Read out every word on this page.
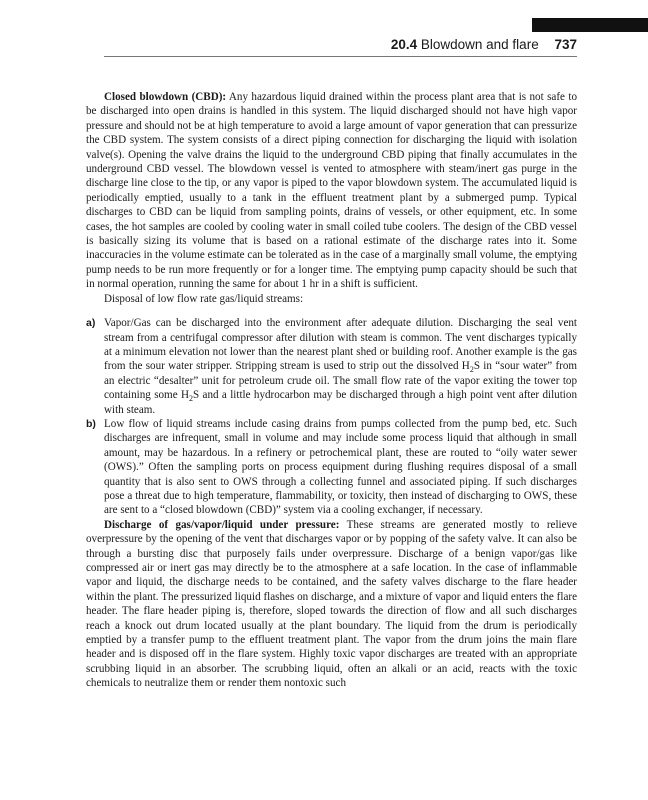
20.4 Blowdown and flare 737

Closed blowdown (CBD): Any hazardous liquid drained within the process plant area that is not safe to be discharged into open drains is handled in this system. The liquid discharged should not have high vapor pressure and should not be at high temperature to avoid a large amount of vapor generation that can pressurize the CBD system. The system consists of a direct piping connection for discharging the liquid with isolation valve(s). Opening the valve drains the liquid to the underground CBD piping that finally accumulates in the underground CBD vessel. The blowdown vessel is vented to atmosphere with steam/inert gas purge in the discharge line close to the tip, or any vapor is piped to the vapor blowdown system. The accumulated liquid is periodically emptied, usually to a tank in the effluent treatment plant by a submerged pump. Typical discharges to CBD can be liquid from sampling points, drains of vessels, or other equipment, etc. In some cases, the hot samples are cooled by cooling water in small coiled tube coolers. The design of the CBD vessel is basically sizing its volume that is based on a rational estimate of the discharge rates into it. Some inaccuracies in the volume estimate can be tolerated as in the case of a marginally small volume, the emptying pump needs to be run more frequently or for a longer time. The emptying pump capacity should be such that in normal operation, running the same for about 1 hr in a shift is sufficient.

Disposal of low flow rate gas/liquid streams:

a) Vapor/Gas can be discharged into the environment after adequate dilution. Discharging the seal vent stream from a centrifugal compressor after dilution with steam is common. The vent discharges typically at a minimum elevation not lower than the nearest plant shed or building roof. Another example is the gas from the sour water stripper. Stripping stream is used to strip out the dissolved $H_2S$ in “sour water” from an electric “desalter” unit for petroleum crude oil. The small flow rate of the vapor exiting the tower top containing some $H_2S$ and a little hydrocarbon may be discharged through a high point vent after dilution with steam.

b) Low flow of liquid streams include casing drains from pumps collected from the pump bed, etc. Such discharges are infrequent, small in volume and may include some process liquid that although in small amount, may be hazardous. In a refinery or petrochemical plant, these are routed to “oily water sewer (OWS).” Often the sampling ports on process equipment during flushing requires disposal of a small quantity that is also sent to OWS through a collecting funnel and associated piping. If such discharges pose a threat due to high temperature, flammability, or toxicity, then instead of discharging to OWS, these are sent to a “closed blowdown (CBD)” system via a cooling exchanger, if necessary.

Discharge of gas/vapor/liquid under pressure: These streams are generated mostly to relieve overpressure by the opening of the vent that discharges vapor or by popping of the safety valve. It can also be through a bursting disc that purposely fails under overpressure. Discharge of a benign vapor/gas like compressed air or inert gas may directly be to the atmosphere at a safe location. In the case of inflammable vapor and liquid, the discharge needs to be contained, and the safety valves discharge to the flare header within the plant. The pressurized liquid flashes on discharge, and a mixture of vapor and liquid enters the flare header. The flare header piping is, therefore, sloped towards the direction of flow and all such discharges reach a knock out drum located usually at the plant boundary. The liquid from the drum is periodically emptied by a transfer pump to the effluent treatment plant. The vapor from the drum joins the main flare header and is disposed off in the flare system. Highly toxic vapor discharges are treated with an appropriate scrubbing liquid in an absorber. The scrubbing liquid, often an alkali or an acid, reacts with the toxic chemicals to neutralize them or render them nontoxic such
